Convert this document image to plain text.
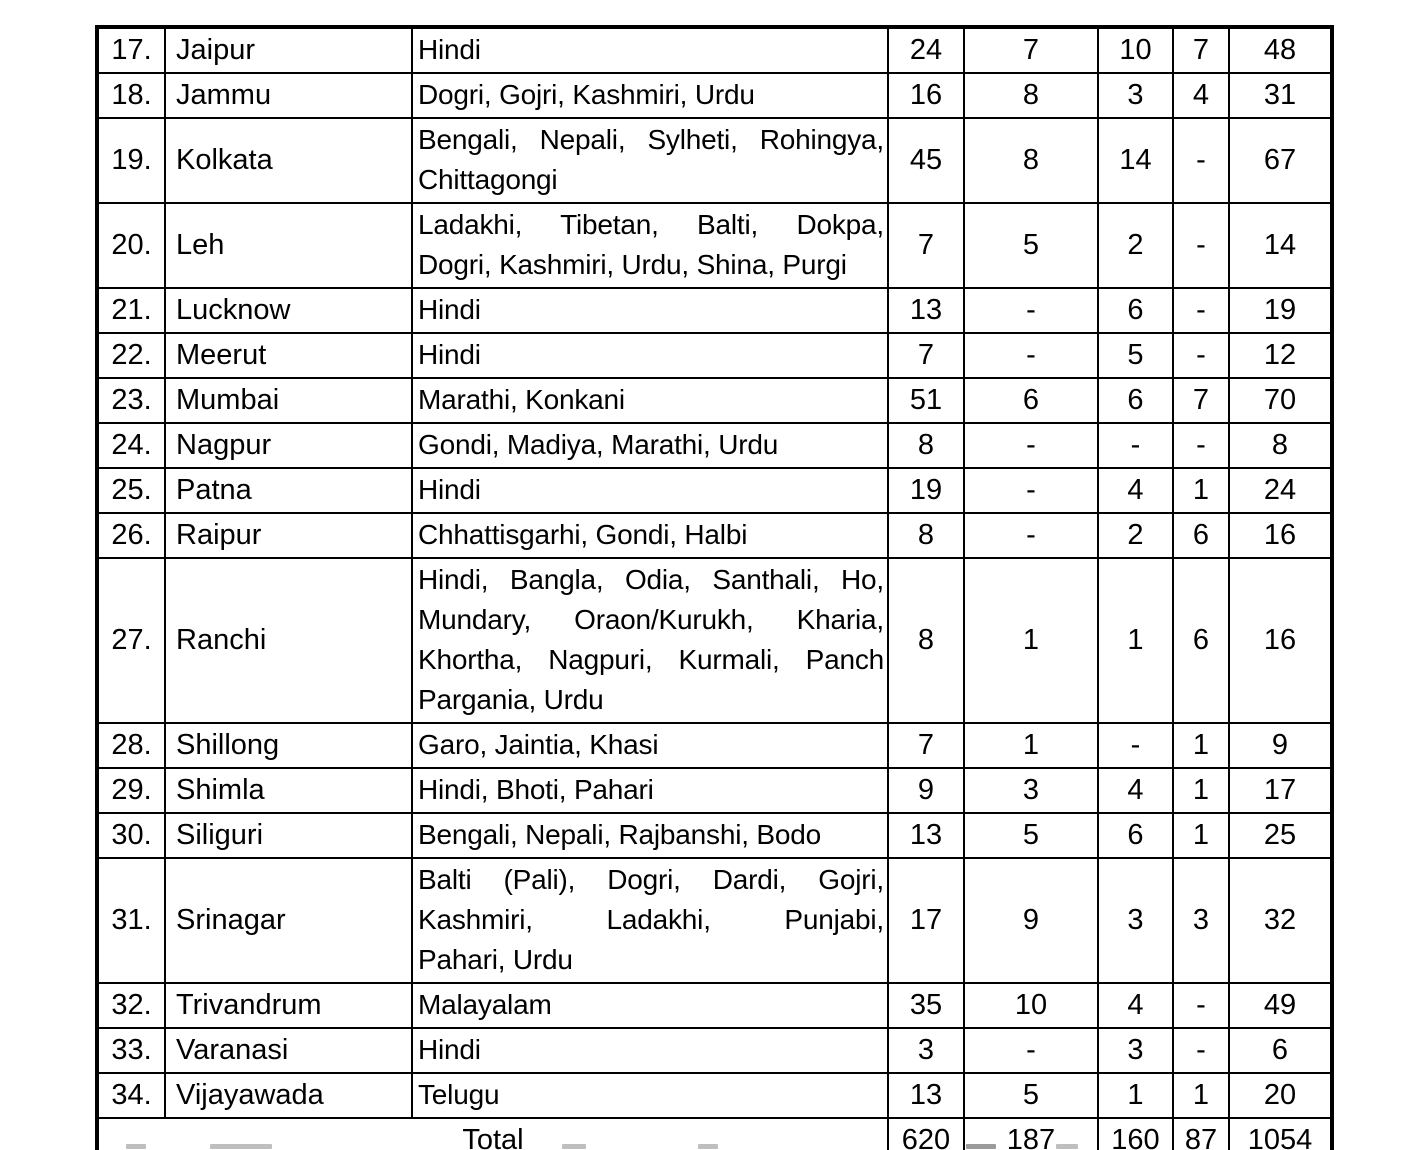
17.	Jaipur	Hindi	24	7	10	7	48
18.	Jammu	Dogri, Gojri, Kashmiri, Urdu	16	8	3	4	31
19.	Kolkata	Bengali, Nepali, Sylheti, Rohingya,
Chittagongi	45	8	14	-	67
20.	Leh	Ladakhi, Tibetan, Balti, Dokpa,
Dogri, Kashmiri, Urdu, Shina, Purgi	7	5	2	-	14
21.	Lucknow	Hindi	13	-	6	-	19
22.	Meerut	Hindi	7	-	5	-	12
23.	Mumbai	Marathi, Konkani	51	6	6	7	70
24.	Nagpur	Gondi, Madiya, Marathi, Urdu	8	-	-	-	8
25.	Patna	Hindi	19	-	4	1	24
26.	Raipur	Chhattisgarhi, Gondi, Halbi	8	-	2	6	16
27.	Ranchi	Hindi, Bangla, Odia, Santhali, Ho,
Mundary, Oraon/Kurukh, Kharia,
Khortha, Nagpuri, Kurmali, Panch
Pargania, Urdu	8	1	1	6	16
28.	Shillong	Garo, Jaintia, Khasi	7	1	-	1	9
29.	Shimla	Hindi, Bhoti, Pahari	9	3	4	1	17
30.	Siliguri	Bengali, Nepali, Rajbanshi, Bodo	13	5	6	1	25
31.	Srinagar	Balti (Pali), Dogri, Dardi, Gojri,
Kashmiri, Ladakhi, Punjabi,
Pahari, Urdu	17	9	3	3	32
32.	Trivandrum	Malayalam	35	10	4	-	49
33.	Varanasi	Hindi	3	-	3	-	6
34.	Vijayawada	Telugu	13	5	1	1	20
Total			620	187	160	87	1054
